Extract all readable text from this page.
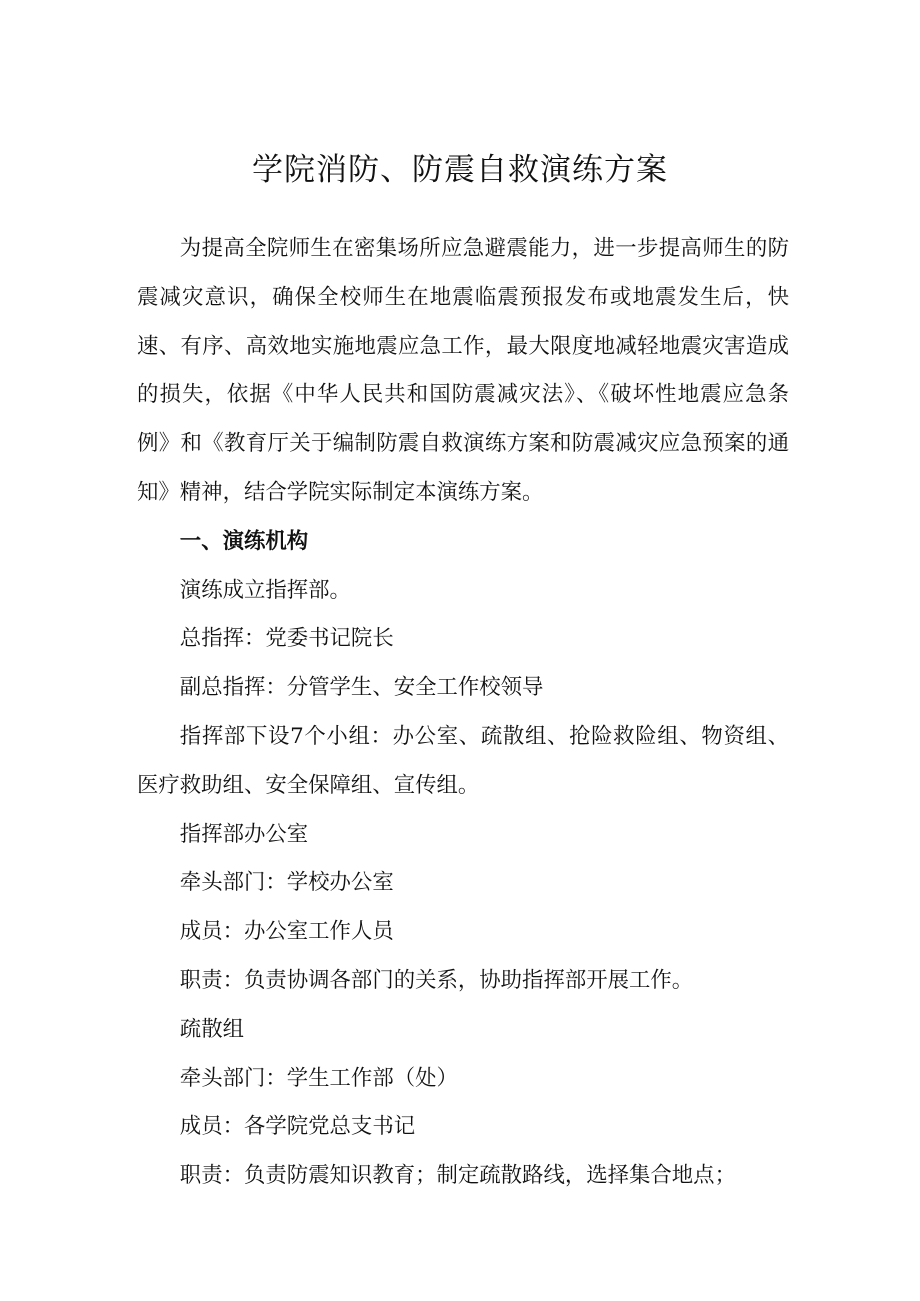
学院消防、防震自救演练方案

为提高全院师生在密集场所应急避震能力，进一步提高师生的防震减灾意识，确保全校师生在地震临震预报发布或地震发生后，快速、有序、高效地实施地震应急工作，最大限度地减轻地震灾害造成的损失，依据《中华人民共和国防震减灾法》、《破坏性地震应急条例》和《教育厅关于编制防震自救演练方案和防震减灾应急预案的通知》精神，结合学院实际制定本演练方案。

一、演练机构

演练成立指挥部。

总指挥：党委书记院长

副总指挥：分管学生、安全工作校领导

指挥部下设7个小组：办公室、疏散组、抢险救险组、物资组、医疗救助组、安全保障组、宣传组。

指挥部办公室

牵头部门：学校办公室

成员：办公室工作人员

职责：负责协调各部门的关系，协助指挥部开展工作。

疏散组

牵头部门：学生工作部（处）

成员：各学院党总支书记

职责：负责防震知识教育；制定疏散路线，选择集合地点；
